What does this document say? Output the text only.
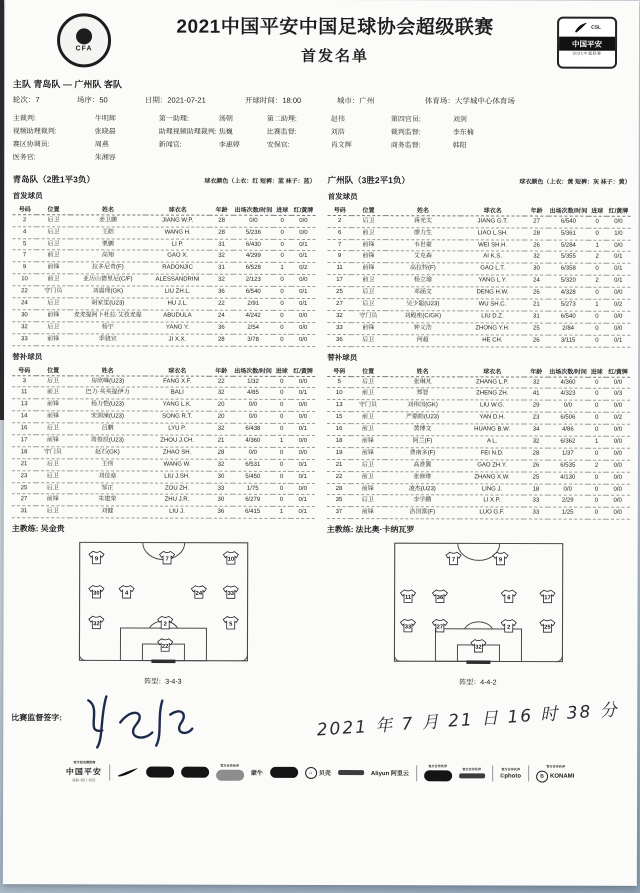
CFA
2021中国平安中国足球协会超级联赛
首发名单
CSL
中国平安
2021中超联赛
主队 青岛队 — 广州队 客队
轮次：7	场序：50	日期：2021-07-21	开球时间：18:00	城市：广州	体育场：大学城中心体育场
主裁判:	牛明辉	第一助理:	汤朝	第二助理:	赵伟	第四官员:	刘剑
视频助理裁判:	张晓晨	助理视频助理裁判: 焦巍	比赛监督:	刘浩	裁判监督:	李东楠
赛区协调员:	周燕	新闻官:	李惠婷	安保官:	肖文辉	商务监督:	韩阳
医务官:	朱湘容
青岛队（2胜1平3负）	球衣颜色（上衣：红 短裤：蓝 袜子：蓝）
首发球员
号码	位置	姓名	球衣名	年龄	出场次数/时间	进球	红/黄牌
2	后卫	姜卫鹏	JIANG W.P.	28	0/0	0	0/0
4	后卫	王皓	WANG H.	28	5/236	0	0/0
5	后卫	栗鹏	LI P.	31	6/430	0	0/1
7	前卫	高翔	GAO X.	32	4/299	0	0/1
9	前锋	拉多尼奇(F)	RADONJIC	31	6/528	1	0/2
10	前卫	亚历山德里尼(C/F)	ALESSANDRINI	32	2/123	0	0/0
22	守门员	刘震理(GK)	LIU ZH.L.	36	6/540	0	0/1
24	后卫	胡家笙(U23)	HU J.L.	22	2/91	0	0/1
30	前锋	麦麦提阿卜杜拉·艾孜麦提	ABUDULA	24	4/242	0	0/0
32	后卫	杨宇	YANG Y.	36	2/54	0	0/0
33	前锋	季骁宣	JI X.X.	28	3/78	0	0/0
替补球员
号码	位置	姓名	球衣名	年龄	出场次数/时间	进球	红/黄牌
3	后卫	房欣峰(U23)	FANG X.F.	22	1/32	0	0/0
11	前卫	巴力·买买提伊力	BALI	32	4/85	0	0/1
13	前锋	杨力恺(U23)	YANG L.K.	20	0/0	0	0/0
14	前锋	宋润潼(U23)	SONG R.T.	20	0/0	0	0/0
16	后卫	吕鹏	LYU P.	32	6/438	0	0/1
17	前锋	周俊辰(U23)	ZHOU J.CH.	21	4/360	1	0/0
18	守门员	赵石(GK)	ZHAO SH.	28	0/0	0	0/0
21	后卫	王伟	WANG W.	32	6/531	0	0/1
23	后卫	刘佳燊	LIU J.SH.	30	5/450	0	0/1
25	后卫	邹正	ZOU ZH.	33	1/75	0	0/0
27	前锋	朱建荣	ZHU J.R.	30	6/279	0	0/1
31	后卫	刘健	LIU J.	36	6/415	1	0/1
主教练: 吴金贵
广州队（3胜2平1负）	球衣颜色（上衣：黄 短裤：灰 袜子：黄）
首发球员
号码	位置	姓名	球衣名	年龄	出场次数/时间	进球	红/黄牌
2	后卫	蒋光太	JIANG G.T.	27	6/540	0	0/0
6	前卫	廖力生	LIAO L.SH.	28	5/361	0	1/0
7	前锋	韦世豪	WEI SH.H.	26	5/284	1	0/0
9	前锋	艾克森	AI K.S.	32	5/355	2	0/1
11	前锋	高拉特(F)	GAO L.T.	30	6/358	0	0/1
17	前卫	杨立瑜	YANG L.Y.	24	5/320	2	0/1
25	后卫	邓涵文	DENG H.W.	26	4/328	0	0/0
27	后卫	吴少聪(U23)	WU SH.C.	21	5/273	1	0/2
32	守门员	刘殿座(C/GK)	LIU D.Z.	31	6/540	0	0/0
33	前锋	钟义浩	ZHONG Y.H.	25	2/84	0	0/0
36	后卫	何超	HE CH.	26	3/115	0	0/1
替补球员
号码	位置	姓名	球衣名	年龄	出场次数/时间	进球	红/黄牌
5	后卫	张琳芃	ZHANG L.P.	32	4/360	0	0/0
10	前卫	郑智	ZHENG ZH.	41	4/323	0	0/3
13	守门员	刘伟国(GK)	LIU W.G.	29	0/0	0	0/0
15	前卫	严鼎皓(U23)	YAN D.H.	23	6/506	0	0/2
16	前卫	黄博文	HUANG B.W.	34	4/86	0	0/0
18	前锋	阿兰(F)	A L.	32	6/362	1	0/0
19	前锋	费南多(F)	FEI N.D.	28	1/37	0	0/0
21	后卫	高准翼	GAO ZH.Y.	26	6/535	2	0/0
22	前卫	张修维	ZHANG X.W.	25	4/130	0	0/0
28	前锋	凌杰(U23)	LING J.	18	0/0	0	0/0
35	后卫	李学鹏	LI X.P.	33	2/29	0	0/0
37	前锋	洛国富(F)	LUO G.F.	33	1/25	0	0/0
主教练: 法比奥·卡纳瓦罗
9	7	10
30	4	24	33
32	2	5
22
阵型：3-4-3
7	9
11	36	6	17
33	27	2	25
32
阵型：4-4-2
比赛监督签字:	2021 年 7 月 21 日 16 时 38 分
官方冠名赞助商
中国平安
保险·银行·投资
官方合作伙伴
蒙牛	⌂	贝壳	Aliyun 阿里云
官方合作伙伴
官方合作伙伴	官方合作伙伴
©photo
官方合作伙伴
B	KONAMI
